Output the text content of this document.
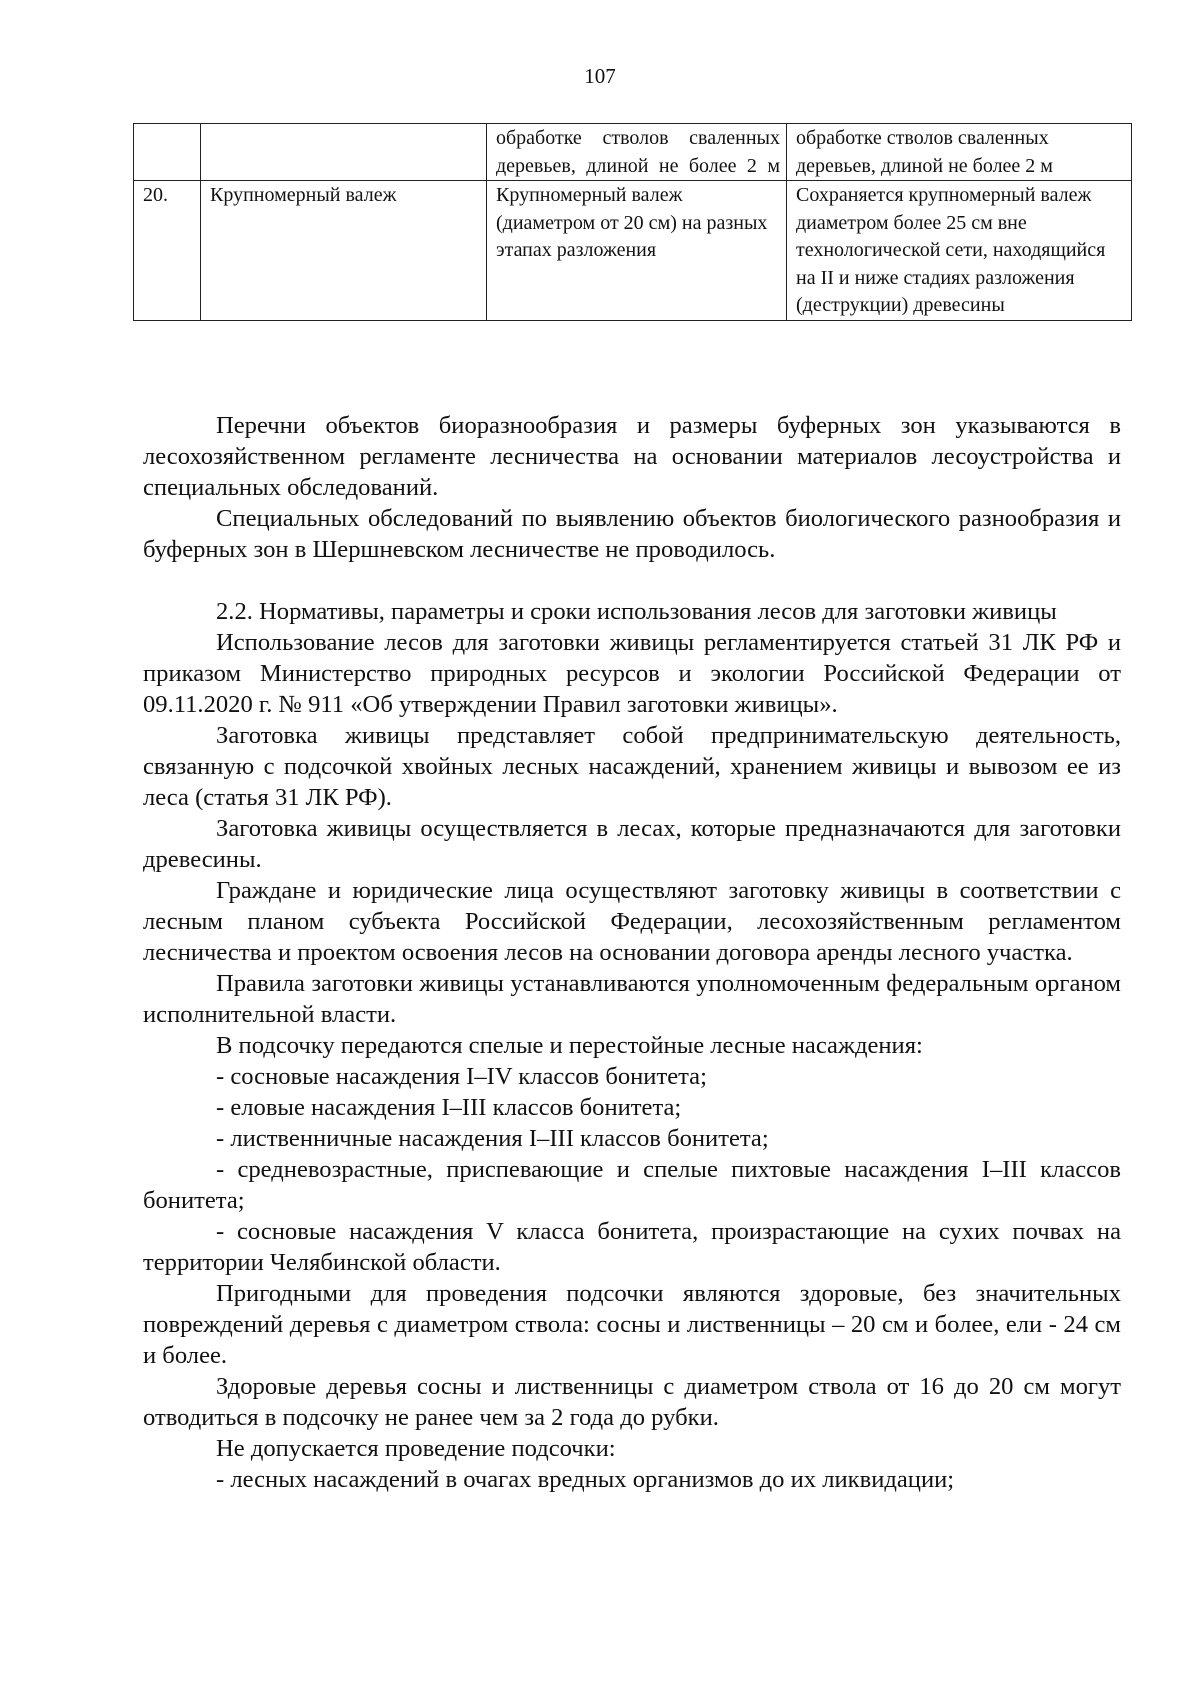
107
		обработке стволов сваленных деревьев, длиной не более 2 м	обработке стволов сваленных деревьев, длиной не более 2 м
20.	Крупномерный валеж	Крупномерный валеж (диаметром от 20 см) на разных этапах разложения	Сохраняется крупномерный валеж диаметром более 25 см вне технологической сети, находящийся на II и ниже стадиях разложения (деструкции) древесины

Перечни объектов биоразнообразия и размеры буферных зон указываются в лесохозяйственном регламенте лесничества на основании материалов лесоустройства и специальных обследований.

Специальных обследований по выявлению объектов биологического разнообразия и буферных зон в Шершневском лесничестве не проводилось.

2.2. Нормативы, параметры и сроки использования лесов для заготовки живицы

Использование лесов для заготовки живицы регламентируется статьей 31 ЛК РФ и приказом Министерство природных ресурсов и экологии Российской Федерации от 09.11.2020 г. № 911 «Об утверждении Правил заготовки живицы».

Заготовка живицы представляет собой предпринимательскую деятельность, связанную с подсочкой хвойных лесных насаждений, хранением живицы и вывозом ее из леса (статья 31 ЛК РФ).

Заготовка живицы осуществляется в лесах, которые предназначаются для заготовки древесины.

Граждане и юридические лица осуществляют заготовку живицы в соответствии с лесным планом субъекта Российской Федерации, лесохозяйственным регламентом лесничества и проектом освоения лесов на основании договора аренды лесного участка.

Правила заготовки живицы устанавливаются уполномоченным федеральным органом исполнительной власти.

В подсочку передаются спелые и перестойные лесные насаждения:

- сосновые насаждения I–IV классов бонитета;

- еловые насаждения I–III классов бонитета;

- лиственничные насаждения I–III классов бонитета;

- средневозрастные, приспевающие и спелые пихтовые насаждения I–III классов бонитета;

- сосновые насаждения V класса бонитета, произрастающие на сухих почвах на территории Челябинской области.

Пригодными для проведения подсочки являются здоровые, без значительных повреждений деревья с диаметром ствола: сосны и лиственницы – 20 см и более, ели - 24 см и более.

Здоровые деревья сосны и лиственницы с диаметром ствола от 16 до 20 см могут отводиться в подсочку не ранее чем за 2 года до рубки.

Не допускается проведение подсочки:

- лесных насаждений в очагах вредных организмов до их ликвидации;
